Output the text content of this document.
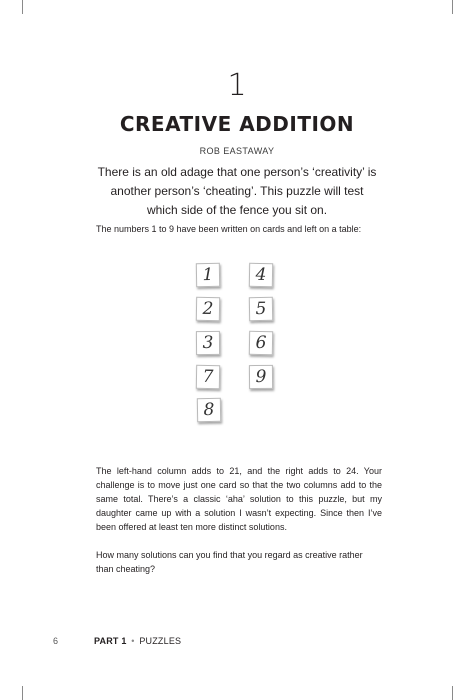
1
CREATIVE ADDITION
ROB EASTAWAY
There is an old adage that one person’s ‘creativity’ is another person’s ‘cheating’. This puzzle will test which side of the fence you sit on.
The numbers 1 to 9 have been written on cards and left on a table:
1
2
3
7
8
4
5
6
9
The left-hand column adds to 21, and the right adds to 24. Your challenge is to move just one card so that the two columns add to the same total. There’s a classic ‘aha’ solution to this puzzle, but my daughter came up with a solution I wasn’t expecting. Since then I’ve been offered at least ten more distinct solutions.
How many solutions can you find that you regard as creative rather than cheating?
6	PART 1 • PUZZLES
